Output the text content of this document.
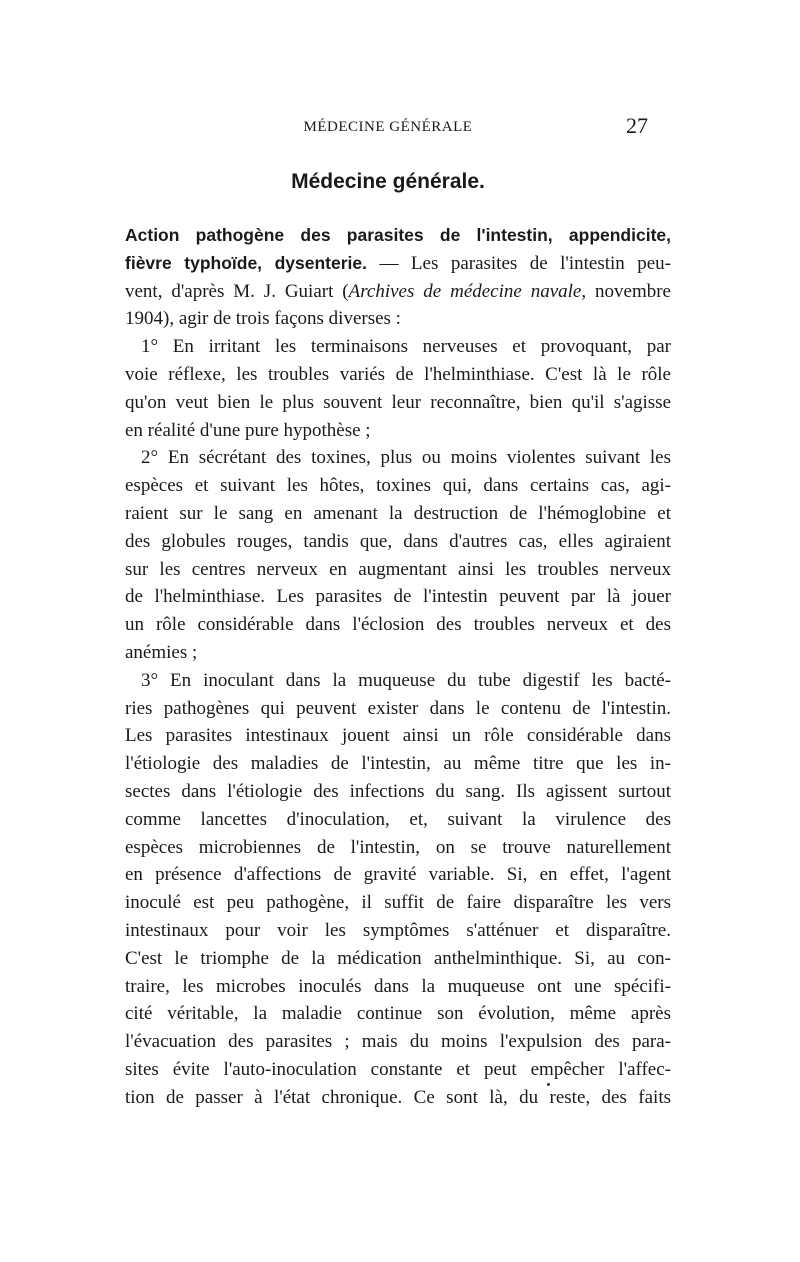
MÉDECINE GÉNÉRALE	27
Médecine générale.
Action pathogène des parasites de l'intestin, appendicite,
fièvre typhoïde, dysenterie. — Les parasites de l'intestin peu-
vent, d'après M. J. Guiart (Archives de médecine navale, novembre
1904), agir de trois façons diverses :
1° En irritant les terminaisons nerveuses et provoquant, par
voie réflexe, les troubles variés de l'helminthiase. C'est là le rôle
qu'on veut bien le plus souvent leur reconnaître, bien qu'il s'agisse
en réalité d'une pure hypothèse ;
2° En sécrétant des toxines, plus ou moins violentes suivant les
espèces et suivant les hôtes, toxines qui, dans certains cas, agi-
raient sur le sang en amenant la destruction de l'hémoglobine et
des globules rouges, tandis que, dans d'autres cas, elles agiraient
sur les centres nerveux en augmentant ainsi les troubles nerveux
de l'helminthiase. Les parasites de l'intestin peuvent par là jouer
un rôle considérable dans l'éclosion des troubles nerveux et des
anémies ;
3° En inoculant dans la muqueuse du tube digestif les bacté-
ries pathogènes qui peuvent exister dans le contenu de l'intestin.
Les parasites intestinaux jouent ainsi un rôle considérable dans
l'étiologie des maladies de l'intestin, au même titre que les in-
sectes dans l'étiologie des infections du sang. Ils agissent surtout
comme lancettes d'inoculation, et, suivant la virulence des
espèces microbiennes de l'intestin, on se trouve naturellement
en présence d'affections de gravité variable. Si, en effet, l'agent
inoculé est peu pathogène, il suffit de faire disparaître les vers
intestinaux pour voir les symptômes s'atténuer et disparaître.
C'est le triomphe de la médication anthelminthique. Si, au con-
traire, les microbes inoculés dans la muqueuse ont une spécifi-
cité véritable, la maladie continue son évolution, même après
l'évacuation des parasites ; mais du moins l'expulsion des para-
sites évite l'auto-inoculation constante et peut empêcher l'affec-
tion de passer à l'état chronique. Ce sont là, du reste, des faits
